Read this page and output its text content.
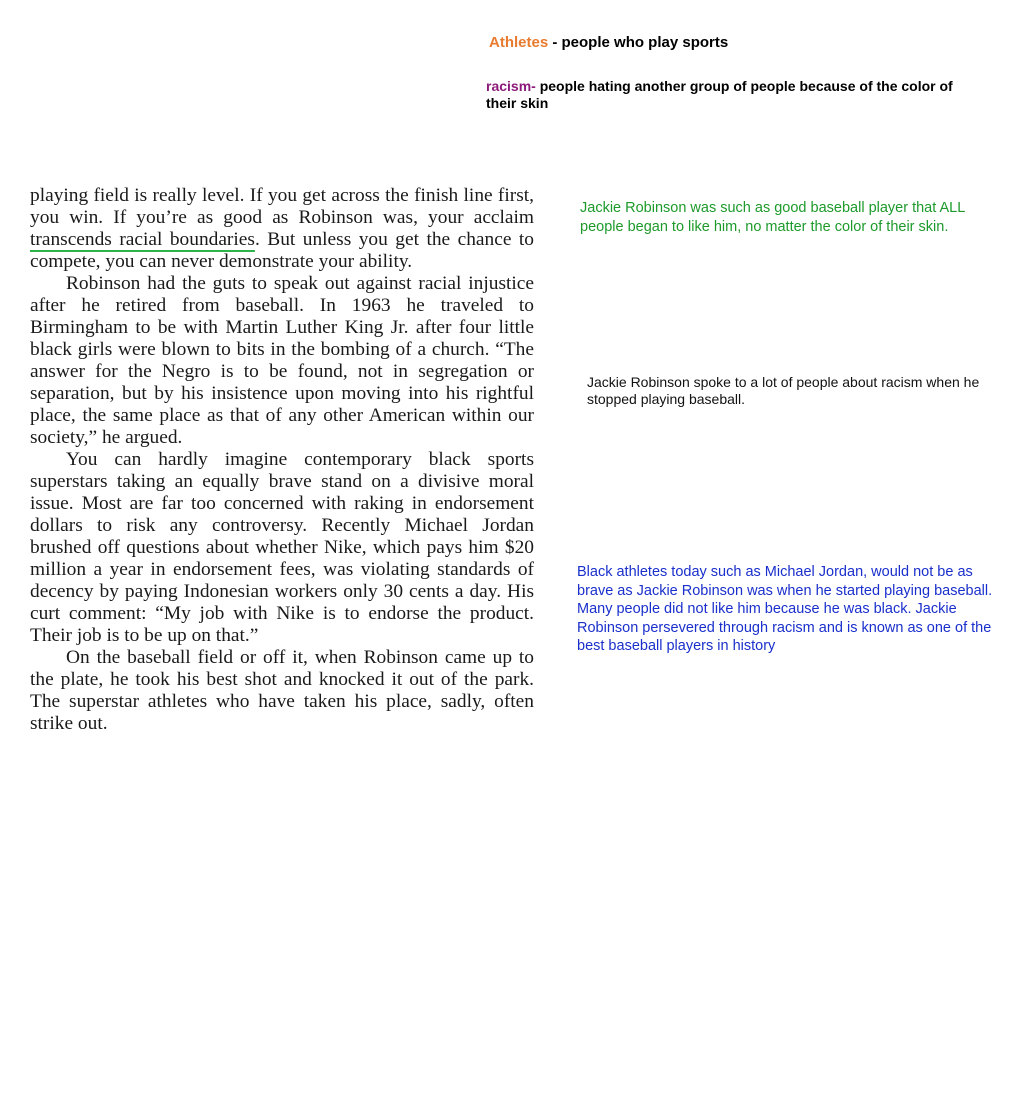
Athletes - people who play sports
racism- people hating another group of people because of the color of their skin

playing field is really level. If you get across the finish line first, you win. If you’re as good as Robinson was, your acclaim transcends racial boundaries. But unless you get the chance to compete, you can never demonstrate your ability.

Robinson had the guts to speak out against racial injustice after he retired from baseball. In 1963 he traveled to Birmingham to be with Martin Luther King Jr. after four little black girls were blown to bits in the bombing of a church. “The answer for the Negro is to be found, not in segregation or separation, but by his insistence upon moving into his rightful place, the same place as that of any other American within our society,” he argued.

You can hardly imagine contemporary black sports superstars taking an equally brave stand on a divisive moral issue. Most are far too concerned with raking in endorsement dollars to risk any controversy. Recently Michael Jordan brushed off questions about whether Nike, which pays him $20 million a year in endorsement fees, was violating standards of decency by paying Indonesian workers only 30 cents a day. His curt comment: “My job with Nike is to endorse the product. Their job is to be up on that.”

On the baseball field or off it, when Robinson came up to the plate, he took his best shot and knocked it out of the park. The superstar athletes who have taken his place, sadly, often strike out.

Jackie Robinson was such as good baseball player that ALL people began to like him, no matter the color of their skin.
Jackie Robinson spoke to a lot of people about racism when he stopped playing baseball.
Black athletes today such as Michael Jordan, would not be as brave as Jackie Robinson was when he started playing baseball. Many people did not like him because he was black. Jackie Robinson persevered through racism and is known as one of the best baseball players in history
